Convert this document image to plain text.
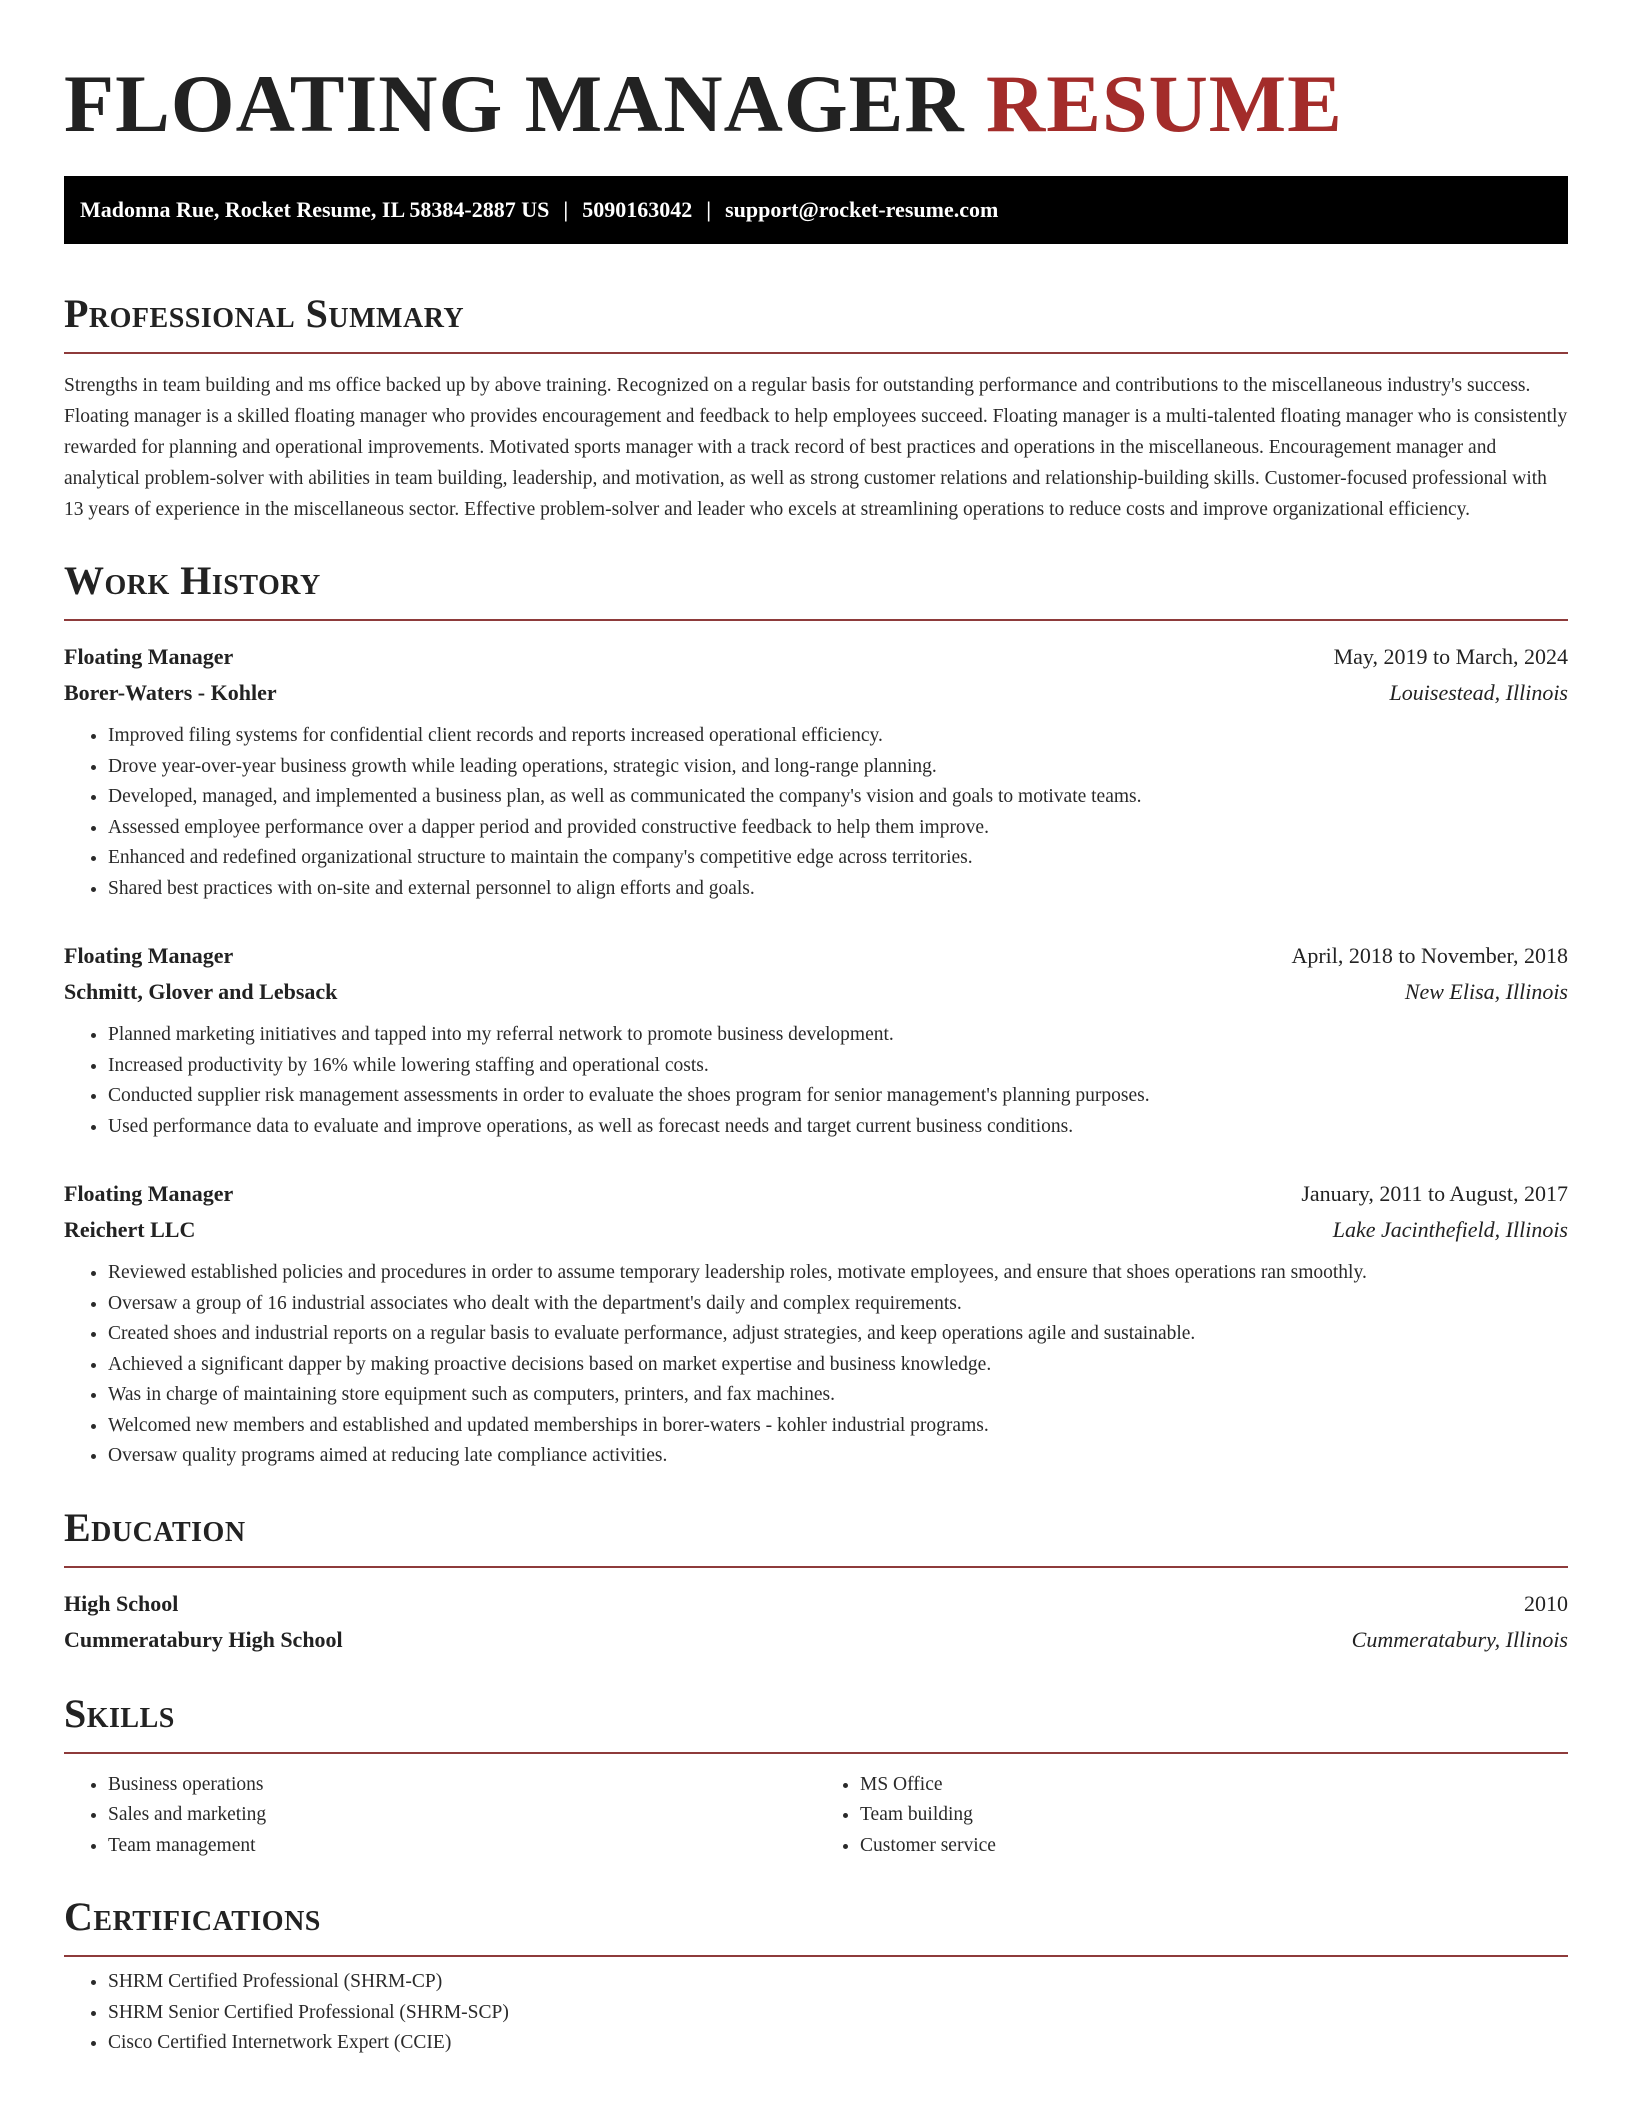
FLOATING MANAGER RESUME
Madonna Rue, Rocket Resume, IL 58384-2887 US | 5090163042 | support@rocket-resume.com
Professional Summary

Strengths in team building and ms office backed up by above training. Recognized on a regular basis for outstanding performance and contributions to the miscellaneous industry's success. Floating manager is a skilled floating manager who provides encouragement and feedback to help employees succeed. Floating manager is a multi-talented floating manager who is consistently rewarded for planning and operational improvements. Motivated sports manager with a track record of best practices and operations in the miscellaneous. Encouragement manager and analytical problem-solver with abilities in team building, leadership, and motivation, as well as strong customer relations and relationship-building skills. Customer-focused professional with 13 years of experience in the miscellaneous sector. Effective problem-solver and leader who excels at streamlining operations to reduce costs and improve organizational efficiency.

Work History
Floating Manager	May, 2019 to March, 2024
Borer-Waters - Kohler	Louisestead, Illinois
• Improved filing systems for confidential client records and reports increased operational efficiency.
• Drove year-over-year business growth while leading operations, strategic vision, and long-range planning.
• Developed, managed, and implemented a business plan, as well as communicated the company's vision and goals to motivate teams.
• Assessed employee performance over a dapper period and provided constructive feedback to help them improve.
• Enhanced and redefined organizational structure to maintain the company's competitive edge across territories.
• Shared best practices with on-site and external personnel to align efforts and goals.
Floating Manager	April, 2018 to November, 2018
Schmitt, Glover and Lebsack	New Elisa, Illinois
• Planned marketing initiatives and tapped into my referral network to promote business development.
• Increased productivity by 16% while lowering staffing and operational costs.
• Conducted supplier risk management assessments in order to evaluate the shoes program for senior management's planning purposes.
• Used performance data to evaluate and improve operations, as well as forecast needs and target current business conditions.
Floating Manager	January, 2011 to August, 2017
Reichert LLC	Lake Jacinthefield, Illinois
• Reviewed established policies and procedures in order to assume temporary leadership roles, motivate employees, and ensure that shoes operations ran smoothly.
• Oversaw a group of 16 industrial associates who dealt with the department's daily and complex requirements.
• Created shoes and industrial reports on a regular basis to evaluate performance, adjust strategies, and keep operations agile and sustainable.
• Achieved a significant dapper by making proactive decisions based on market expertise and business knowledge.
• Was in charge of maintaining store equipment such as computers, printers, and fax machines.
• Welcomed new members and established and updated memberships in borer-waters - kohler industrial programs.
• Oversaw quality programs aimed at reducing late compliance activities.
Education
High School	2010
Cummeratabury High School	Cummeratabury, Illinois
Skills
• Business operations
• Sales and marketing
• Team management
• MS Office
• Team building
• Customer service
Certifications
• SHRM Certified Professional (SHRM-CP)
• SHRM Senior Certified Professional (SHRM-SCP)
• Cisco Certified Internetwork Expert (CCIE)
